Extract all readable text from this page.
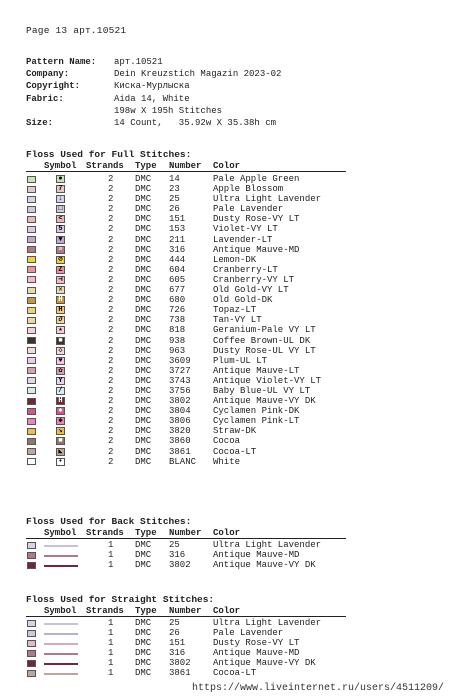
Page 13 арт.10521
Pattern Name:	арт.10521
Company:	Dein Kreuzstich Magazin 2023-02
Copyright:	Киска-Мурлыска
Fabric:	Aida 14, White
198w X 195h Stitches
Size:	14 Count,   35.92w X 35.38h cm
Floss Used for Full Stitches:
Symbol Strands Type Number Color
●	2 DMC 14	Pale Apple Green
7	2 DMC 23	Apple Blossom
↓	2 DMC 25	Ultra Light Lavender
□	2 DMC 26	Pale Lavender
<	2 DMC 151	Dusty Rose-VY LT
5	2 DMC 153	Violet-VY LT
▼	2 DMC 211	Lavender-LT
≡	2 DMC 316	Antique Mauve-MD
⊘	2 DMC 444	Lemon-DK
Z	2 DMC 604	Cranberry-LT
⊣	2 DMC 605	Cranberry-VY LT
✕	2 DMC 677	Old Gold-VY LT
H	2 DMC 680	Old Gold-DK
H	2 DMC 726	Topaz-LT
∂	2 DMC 738	Tan-VY LT
★	2 DMC 818	Geranium-Pale VY LT
■	2 DMC 938	Coffee Brown-UL DK
◇	2 DMC 963	Dusty Rose-UL VY LT
♥	2 DMC 3609 Plum-UL LT
✿	2 DMC 3727 Antique Mauve-LT
Y	2 DMC 3743 Antique Violet-VY LT
/	2 DMC 3756 Baby Blue-UL VY LT
H	2 DMC 3802 Antique Mauve-VY DK
✱	2 DMC 3804 Cyclamen Pink-DK
◆	2 DMC 3806 Cyclamen Pink-LT
↘	2 DMC 3820 Straw-DK
■	2 DMC 3860 Cocoa
◣	2 DMC 3861 Cocoa-LT
•	2 DMC BLANC White
Floss Used for Back Stitches:
Symbol Strands Type Number Color
1 DMC 25	Ultra Light Lavender
1 DMC 316	Antique Mauve-MD
1 DMC 3802 Antique Mauve-VY DK
Floss Used for Straight Stitches:
Symbol Strands Type Number Color
1 DMC 25	Ultra Light Lavender
1 DMC 26	Pale Lavender
1 DMC 151	Dusty Rose-VY LT
1 DMC 316	Antique Mauve-MD
1 DMC 3802 Antique Mauve-VY DK
1 DMC 3861 Cocoa-LT
https://www.liveinternet.ru/users/4511209/
